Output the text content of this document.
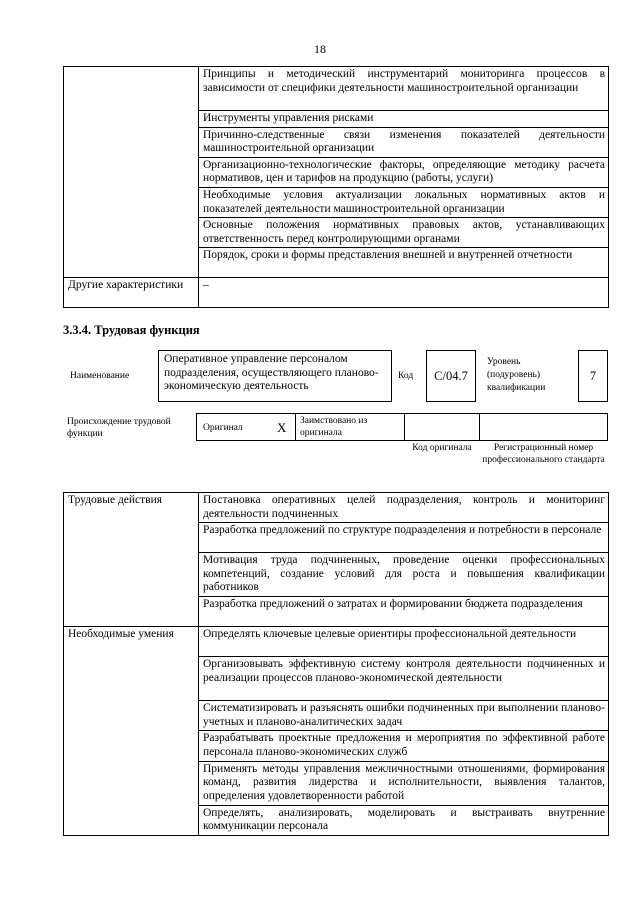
18
	Принципы и методический инструментарий мониторинга процессов в зависимости от специфики деятельности машиностроительной организации
	Инструменты управления рисками
	Причинно-следственные связи изменения показателей деятельности машиностроительной организации
	Организационно-технологические факторы, определяющие методику расчета нормативов, цен и тарифов на продукцию (работы, услуги)
	Необходимые условия актуализации локальных нормативных актов и показателей деятельности машиностроительной организации
	Основные положения нормативных правовых актов, устанавливающих ответственность перед контролирующими органами
	Порядок, сроки и формы представления внешней и внутренней отчетности
Другие характеристики	–
3.3.4. Трудовая функция
Наименование
Оперативное управление персоналом подразделения, осуществляющего планово-экономическую деятельность
Код	C/04.7
Уровень (подуровень) квалификации
7
Происхождение трудовой функции
Оригинал	X Заимствовано из оригинала
Код оригинала	Регистрационный номер профессионального стандарта
Трудовые действия	Постановка оперативных целей подразделения, контроль и мониторинг деятельности подчиненных
	Разработка предложений по структуре подразделения и потребности в персонале
	Мотивация труда подчиненных, проведение оценки профессиональных компетенций, создание условий для роста и повышения квалификации работников
	Разработка предложений о затратах и формировании бюджета подразделения
Необходимые умения	Определять ключевые целевые ориентиры профессиональной деятельности
	Организовывать эффективную систему контроля деятельности подчиненных и реализации процессов планово-экономической деятельности
	Систематизировать и разъяснять ошибки подчиненных при выполнении планово-учетных и планово-аналитических задач
	Разрабатывать проектные предложения и мероприятия по эффективной работе персонала планово-экономических служб
	Применять методы управления межличностными отношениями, формирования команд, развития лидерства и исполнительности, выявления талантов, определения удовлетворенности работой
	Определять, анализировать, моделировать и выстраивать внутренние коммуникации персонала
